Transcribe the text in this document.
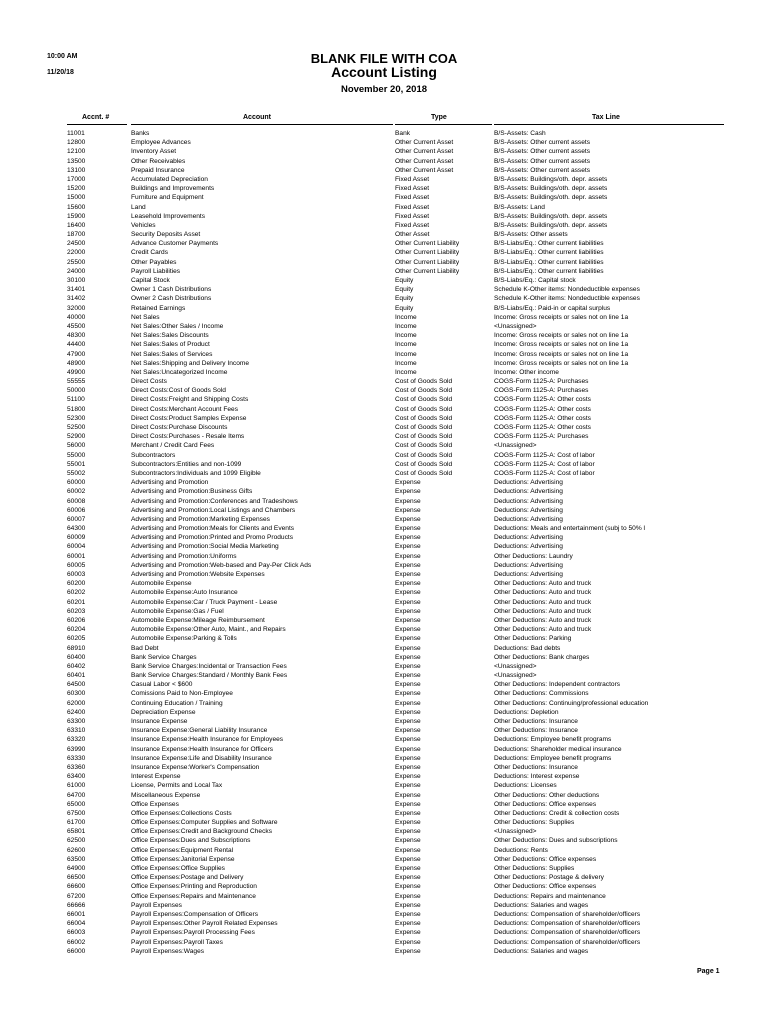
10:00 AM
11/20/18
BLANK FILE WITH COA
Account Listing
November 20, 2018
Accnt. #	Account	Type	Tax Line
11001	Banks	Bank	B/S-Assets: Cash
12800	Employee Advances	Other Current Asset	B/S-Assets: Other current assets
12100	Inventory Asset	Other Current Asset	B/S-Assets: Other current assets
13500	Other Receivables	Other Current Asset	B/S-Assets: Other current assets
13100	Prepaid Insurance	Other Current Asset	B/S-Assets: Other current assets
17000	Accumulated Depreciation	Fixed Asset	B/S-Assets: Buildings/oth. depr. assets
15200	Buildings and Improvements	Fixed Asset	B/S-Assets: Buildings/oth. depr. assets
15000	Furniture and Equipment	Fixed Asset	B/S-Assets: Buildings/oth. depr. assets
15600	Land	Fixed Asset	B/S-Assets: Land
15900	Leasehold Improvements	Fixed Asset	B/S-Assets: Buildings/oth. depr. assets
16400	Vehicles	Fixed Asset	B/S-Assets: Buildings/oth. depr. assets
18700	Security Deposits Asset	Other Asset	B/S-Assets: Other assets
24500	Advance Customer Payments	Other Current Liability	B/S-Liabs/Eq.: Other current liabilities
22000	Credit Cards	Other Current Liability	B/S-Liabs/Eq.: Other current liabilities
25500	Other Payables	Other Current Liability	B/S-Liabs/Eq.: Other current liabilities
24000	Payroll Liabilities	Other Current Liability	B/S-Liabs/Eq.: Other current liabilities
30100	Capital Stock	Equity	B/S-Liabs/Eq.: Capital stock
31401	Owner 1 Cash Distributions	Equity	Schedule K-Other items: Nondeductible expenses
31402	Owner 2 Cash Distributions	Equity	Schedule K-Other items: Nondeductible expenses
32000	Retained Earnings	Equity	B/S-Liabs/Eq.: Paid-in or capital surplus
40000	Net Sales	Income	Income: Gross receipts or sales not on line 1a
45500	Net Sales:Other Sales / Income	Income	<Unassigned>
48300	Net Sales:Sales Discounts	Income	Income: Gross receipts or sales not on line 1a
44400	Net Sales:Sales of Product	Income	Income: Gross receipts or sales not on line 1a
47900	Net Sales:Sales of Services	Income	Income: Gross receipts or sales not on line 1a
48900	Net Sales:Shipping and Delivery Income	Income	Income: Gross receipts or sales not on line 1a
49900	Net Sales:Uncategorized Income	Income	Income: Other income
55555	Direct Costs	Cost of Goods Sold	COGS-Form 1125-A: Purchases
50000	Direct Costs:Cost of Goods Sold	Cost of Goods Sold	COGS-Form 1125-A: Purchases
51100	Direct Costs:Freight and Shipping Costs	Cost of Goods Sold	COGS-Form 1125-A: Other costs
51800	Direct Costs:Merchant Account Fees	Cost of Goods Sold	COGS-Form 1125-A: Other costs
52300	Direct Costs:Product Samples Expense	Cost of Goods Sold	COGS-Form 1125-A: Other costs
52500	Direct Costs:Purchase Discounts	Cost of Goods Sold	COGS-Form 1125-A: Other costs
52900	Direct Costs:Purchases - Resale Items	Cost of Goods Sold	COGS-Form 1125-A: Purchases
56000	Merchant / Credit Card Fees	Cost of Goods Sold	<Unassigned>
55000	Subcontractors	Cost of Goods Sold	COGS-Form 1125-A: Cost of labor
55001	Subcontractors:Entities and non-1099	Cost of Goods Sold	COGS-Form 1125-A: Cost of labor
55002	Subcontractors:Individuals and 1099 Eligible	Cost of Goods Sold	COGS-Form 1125-A: Cost of labor
60000	Advertising and Promotion	Expense	Deductions: Advertising
60002	Advertising and Promotion:Business Gifts	Expense	Deductions: Advertising
60008	Advertising and Promotion:Conferences and Tradeshows	Expense	Deductions: Advertising
60006	Advertising and Promotion:Local Listings and Chambers	Expense	Deductions: Advertising
60007	Advertising and Promotion:Marketing Expenses	Expense	Deductions: Advertising
64300	Advertising and Promotion:Meals for Clients and Events	Expense	Deductions: Meals and entertainment (subj to 50% l
60009	Advertising and Promotion:Printed and Promo Products	Expense	Deductions: Advertising
60004	Advertising and Promotion:Social Media Marketing	Expense	Deductions: Advertising
60001	Advertising and Promotion:Uniforms	Expense	Other Deductions: Laundry
60005	Advertising and Promotion:Web-based and Pay-Per Click Ads	Expense	Deductions: Advertising
60003	Advertising and Promotion:Website Expenses	Expense	Deductions: Advertising
60200	Automobile Expense	Expense	Other Deductions: Auto and truck
60202	Automobile Expense:Auto Insurance	Expense	Other Deductions: Auto and truck
60201	Automobile Expense:Car / Truck Payment - Lease	Expense	Other Deductions: Auto and truck
60203	Automobile Expense:Gas / Fuel	Expense	Other Deductions: Auto and truck
60206	Automobile Expense:Mileage Reimbursement	Expense	Other Deductions: Auto and truck
60204	Automobile Expense:Other Auto, Maint., and Repairs	Expense	Other Deductions: Auto and truck
60205	Automobile Expense:Parking & Tolls	Expense	Other Deductions: Parking
68910	Bad Debt	Expense	Deductions: Bad debts
60400	Bank Service Charges	Expense	Other Deductions: Bank charges
60402	Bank Service Charges:Incidental or Transaction Fees	Expense	<Unassigned>
60401	Bank Service Charges:Standard / Monthly Bank Fees	Expense	<Unassigned>
64500	Casual Labor < $600	Expense	Other Deductions: Independent contractors
60300	Comissions Paid to Non-Employee	Expense	Other Deductions: Commissions
62000	Continuing Education / Training	Expense	Other Deductions: Continuing/professional education
62400	Depreciation Expense	Expense	Deductions: Depletion
63300	Insurance Expense	Expense	Other Deductions: Insurance
63310	Insurance Expense:General Liability Insurance	Expense	Other Deductions: Insurance
63320	Insurance Expense:Health Insurance for Employees	Expense	Deductions: Employee benefit programs
63990	Insurance Expense:Health Insurance for Officers	Expense	Deductions: Shareholder medical insurance
63330	Insurance Expense:Life and Disability Insurance	Expense	Deductions: Employee benefit programs
63360	Insurance Expense:Worker's Compensation	Expense	Other Deductions: Insurance
63400	Interest Expense	Expense	Deductions: Interest expense
61000	License, Permits and Local Tax	Expense	Deductions: Licenses
64700	Miscellaneous Expense	Expense	Other Deductions: Other deductions
65000	Office Expenses	Expense	Other Deductions: Office expenses
67500	Office Expenses:Collections Costs	Expense	Other Deductions: Credit & collection costs
61700	Office Expenses:Computer Supplies and Software	Expense	Other Deductions: Supplies
65801	Office Expenses:Credit and Background Checks	Expense	<Unassigned>
62500	Office Expenses:Dues and Subscriptions	Expense	Other Deductions: Dues and subscriptions
62600	Office Expenses:Equipment Rental	Expense	Deductions: Rents
63500	Office Expenses:Janitorial Expense	Expense	Other Deductions: Office expenses
64900	Office Expenses:Office Supplies	Expense	Other Deductions: Supplies
66500	Office Expenses:Postage and Delivery	Expense	Other Deductions: Postage & delivery
66600	Office Expenses:Printing and Reproduction	Expense	Other Deductions: Office expenses
67200	Office Expenses:Repairs and Maintenance	Expense	Deductions: Repairs and maintenance
66666	Payroll Expenses	Expense	Deductions: Salaries and wages
66001	Payroll Expenses:Compensation of Officers	Expense	Deductions: Compensation of shareholder/officers
66004	Payroll Expenses:Other Payroll Related Expenses	Expense	Deductions: Compensation of shareholder/officers
66003	Payroll Expenses:Payroll Processing Fees	Expense	Deductions: Compensation of shareholder/officers
66002	Payroll Expenses:Payroll Taxes	Expense	Deductions: Compensation of shareholder/officers
66000	Payroll Expenses:Wages	Expense	Deductions: Salaries and wages
Page 1
